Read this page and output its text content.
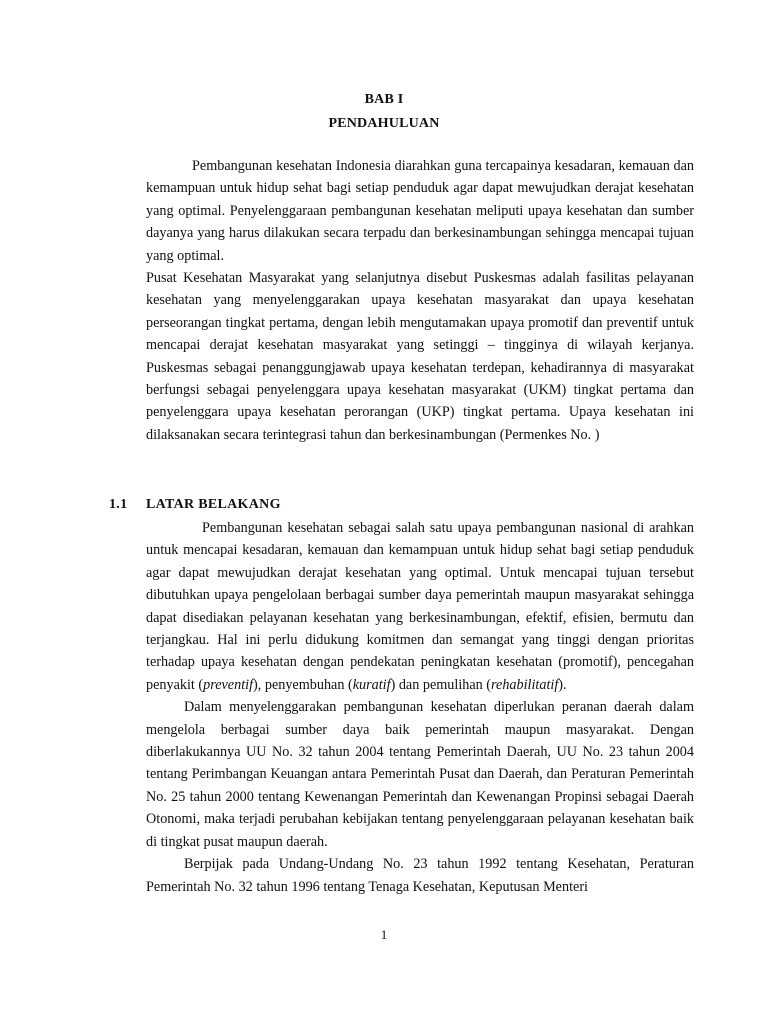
BAB I
PENDAHULUAN

Pembangunan kesehatan Indonesia diarahkan guna tercapainya kesadaran, kemauan dan kemampuan untuk hidup sehat bagi setiap penduduk agar dapat mewujudkan derajat kesehatan yang optimal. Penyelenggaraan pembangunan kesehatan meliputi upaya kesehatan dan sumber dayanya yang harus dilakukan secara terpadu dan berkesinambungan sehingga mencapai tujuan yang optimal.

Pusat Kesehatan Masyarakat yang selanjutnya disebut Puskesmas adalah fasilitas pelayanan kesehatan yang menyelenggarakan upaya kesehatan masyarakat dan upaya kesehatan perseorangan tingkat pertama, dengan lebih mengutamakan upaya promotif dan preventif untuk mencapai derajat kesehatan masyarakat yang setinggi – tingginya di wilayah kerjanya. Puskesmas sebagai penanggungjawab upaya kesehatan terdepan, kehadirannya di masyarakat berfungsi sebagai penyelenggara upaya kesehatan masyarakat (UKM) tingkat pertama dan penyelenggara upaya kesehatan perorangan (UKP) tingkat pertama. Upaya kesehatan ini dilaksanakan secara terintegrasi tahun dan berkesinambungan (Permenkes No. )

1.1 LATAR BELAKANG

Pembangunan kesehatan sebagai salah satu upaya pembangunan nasional di arahkan untuk mencapai kesadaran, kemauan dan kemampuan untuk hidup sehat bagi setiap penduduk agar dapat mewujudkan derajat kesehatan yang optimal. Untuk mencapai tujuan tersebut dibutuhkan upaya pengelolaan berbagai sumber daya pemerintah maupun masyarakat sehingga dapat disediakan pelayanan kesehatan yang berkesinambungan, efektif, efisien, bermutu dan terjangkau. Hal ini perlu didukung komitmen dan semangat yang tinggi dengan prioritas terhadap upaya kesehatan dengan pendekatan peningkatan kesehatan (promotif), pencegahan penyakit (preventif), penyembuhan (kuratif) dan pemulihan (rehabilitatif).

Dalam menyelenggarakan pembangunan kesehatan diperlukan peranan daerah dalam mengelola berbagai sumber daya baik pemerintah maupun masyarakat. Dengan diberlakukannya UU No. 32 tahun 2004 tentang Pemerintah Daerah, UU No. 23 tahun 2004 tentang Perimbangan Keuangan antara Pemerintah Pusat dan Daerah, dan Peraturan Pemerintah No. 25 tahun 2000 tentang Kewenangan Pemerintah dan Kewenangan Propinsi sebagai Daerah Otonomi, maka terjadi perubahan kebijakan tentang penyelenggaraan pelayanan kesehatan baik di tingkat pusat maupun daerah.

Berpijak pada Undang-Undang No. 23 tahun 1992 tentang Kesehatan, Peraturan Pemerintah No. 32 tahun 1996 tentang Tenaga Kesehatan, Keputusan Menteri

1
